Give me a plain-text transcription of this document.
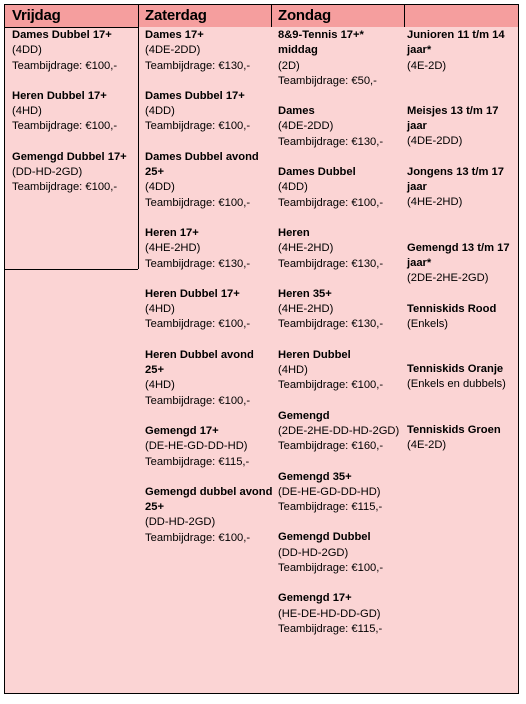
Vrijdag	Zaterdag	Zondag
Dames Dubbel 17+
(4DD)
Teambijdrage: €100,-
Heren Dubbel 17+
(4HD)
Teambijdrage: €100,-
Gemengd Dubbel 17+
(DD-HD-2GD)
Teambijdrage: €100,-
Dames 17+
(4DE-2DD)
Teambijdrage: €130,-
Dames Dubbel 17+
(4DD)
Teambijdrage: €100,-
Dames Dubbel avond 25+
(4DD)
Teambijdrage: €100,-
Heren 17+
(4HE-2HD)
Teambijdrage: €130,-
Heren Dubbel 17+
(4HD)
Teambijdrage: €100,-
Heren Dubbel avond 25+
(4HD)
Teambijdrage: €100,-
Gemengd 17+
(DE-HE-GD-DD-HD)
Teambijdrage: €115,-
Gemengd dubbel avond 25+
(DD-HD-2GD)
Teambijdrage: €100,-
8&9-Tennis 17+* middag
(2D)
Teambijdrage: €50,-
Dames
(4DE-2DD)
Teambijdrage: €130,-
Dames Dubbel
(4DD)
Teambijdrage: €100,-
Heren
(4HE-2HD)
Teambijdrage: €130,-
Heren 35+
(4HE-2HD)
Teambijdrage: €130,-
Heren Dubbel
(4HD)
Teambijdrage: €100,-
Gemengd
(2DE-2HE-DD-HD-2GD)
Teambijdrage: €160,-
Gemengd 35+
(DE-HE-GD-DD-HD)
Teambijdrage: €115,-
Gemengd Dubbel
(DD-HD-2GD)
Teambijdrage: €100,-
Gemengd 17+
(HE-DE-HD-DD-GD)
Teambijdrage: €115,-
Junioren 11 t/m 14 jaar*
(4E-2D)
Meisjes 13 t/m 17 jaar
(4DE-2DD)
Jongens 13 t/m 17 jaar
(4HE-2HD)
Gemengd 13 t/m 17 jaar*
(2DE-2HE-2GD)
Tenniskids Rood
(Enkels)
Tenniskids Oranje
(Enkels en dubbels)
Tenniskids Groen
(4E-2D)
